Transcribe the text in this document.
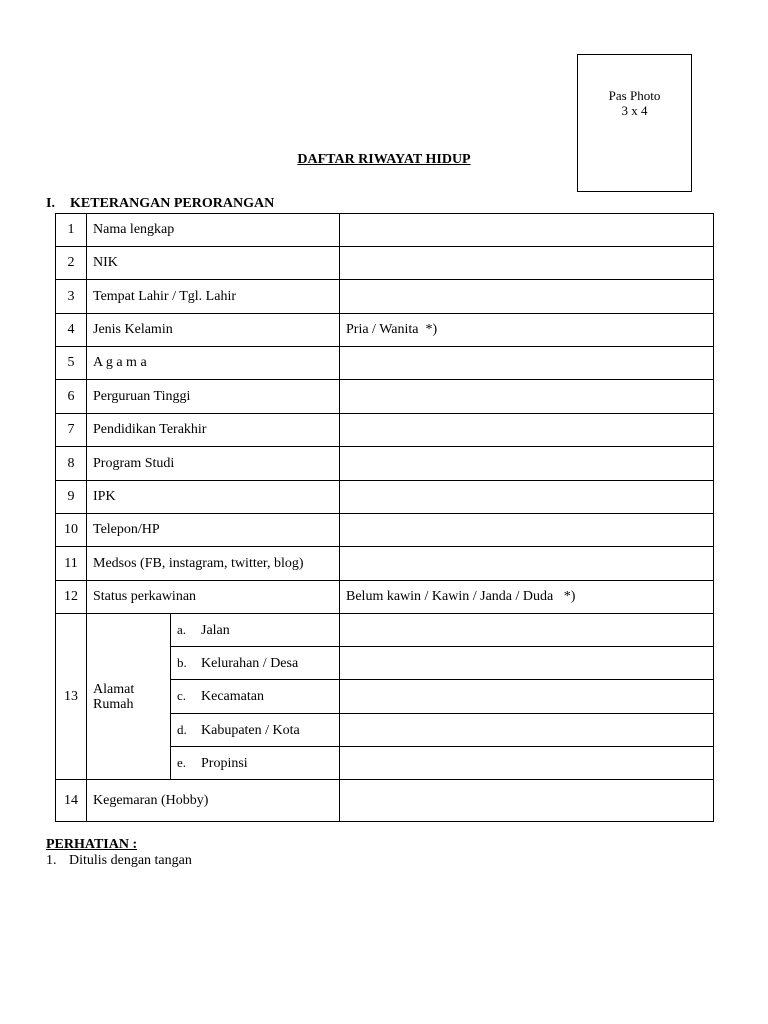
Pas Photo
3 x 4
DAFTAR RIWAYAT HIDUP
I. KETERANGAN PERORANGAN
1	Nama lengkap		
2	NIK		
3	Tempat Lahir / Tgl. Lahir		
4	Jenis Kelamin		Pria / Wanita  *)
5	A g a m a		
6	Perguruan Tinggi		
7	Pendidikan Terakhir		
8	Program Studi		
9	IPK		
10	Telepon/HP		
11	Medsos (FB, instagram, twitter, blog)		
12	Status perkawinan		Belum kawin / Kawin / Janda / Duda   *)
13	Alamat
Rumah	a. Jalan	
		b. Kelurahan / Desa	
		c. Kecamatan	
		d. Kabupaten / Kota	
		e. Propinsi	
14	Kegemaran (Hobby)		
PERHATIAN :
1. Ditulis dengan tangan
